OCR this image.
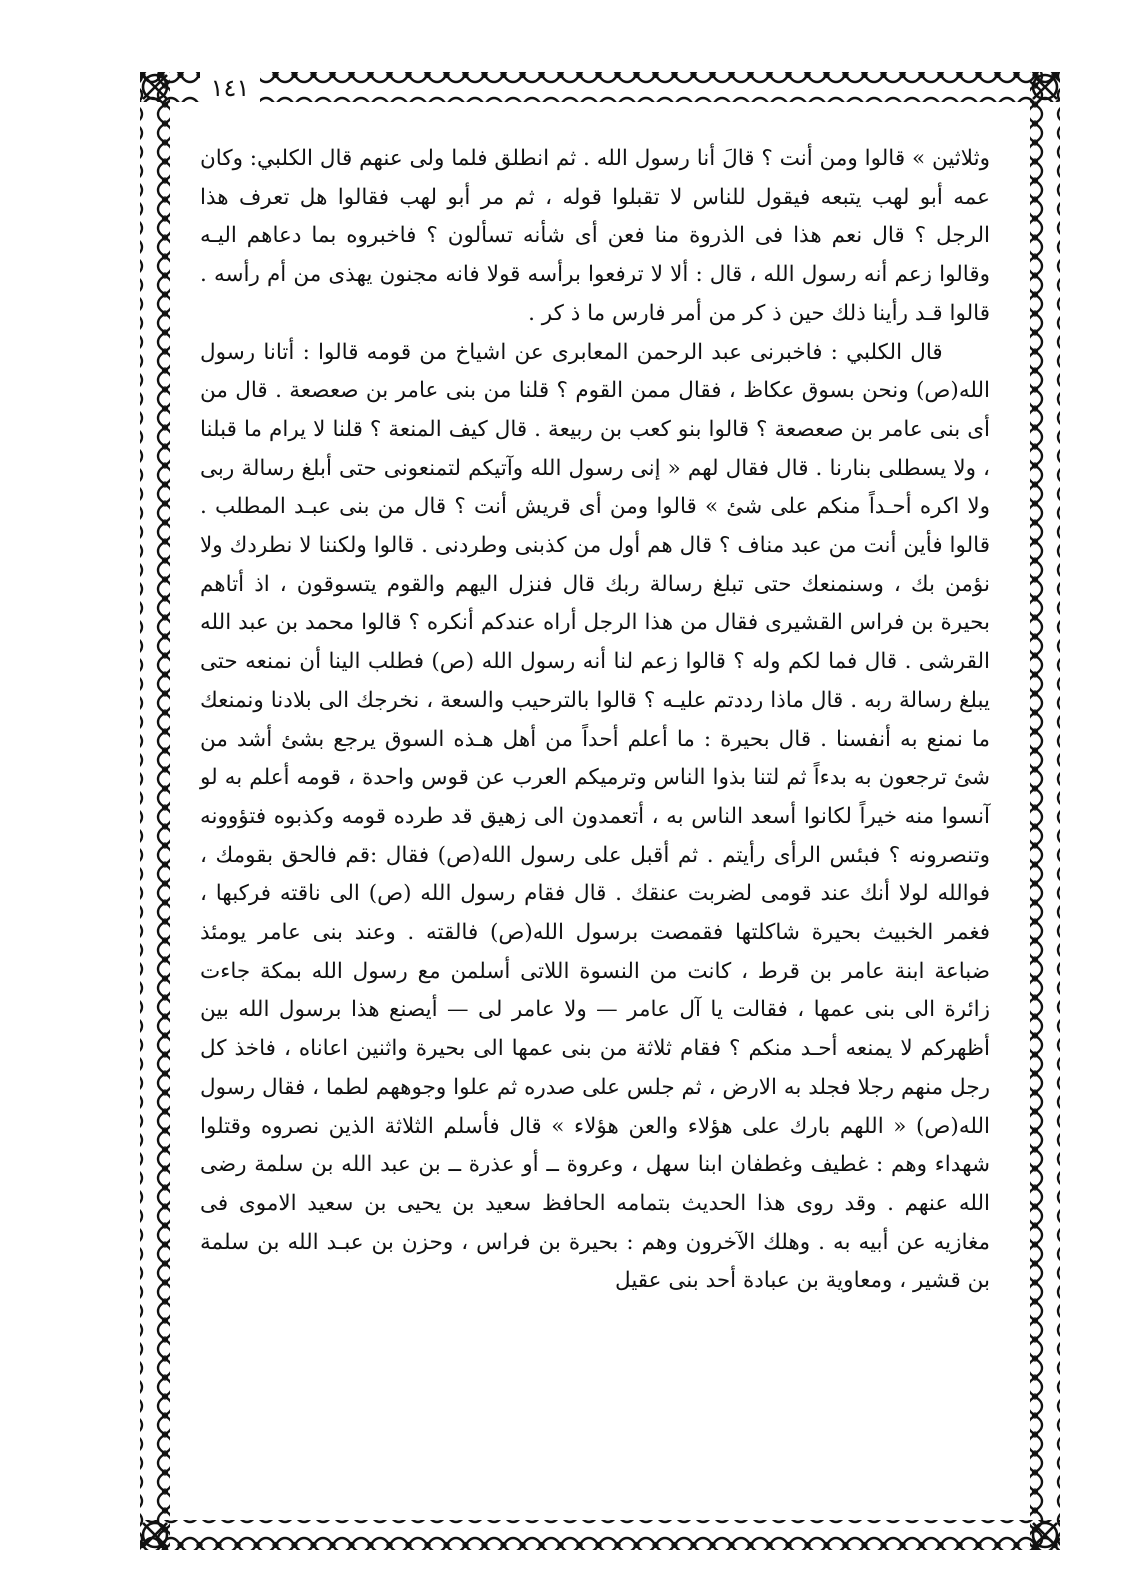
١٤١

وثلاثين » قالوا ومن أنت ؟ قالَ أنا رسول الله . ثم انطلق فلما ولى عنهم قال الكلبي: وكان عمه أبو لهب يتبعه فيقول للناس لا تقبلوا قوله ، ثم مر أبو لهب فقالوا هل تعرف هذا الرجل ؟ قال نعم هذا فى الذروة منا فعن أى شأنه تسألون ؟ فاخبروه بما دعاهم اليـه وقالوا زعم أنه رسول الله ، قال : ألا لا ترفعوا برأسه قولا فانه مجنون يهذى من أم رأسه . قالوا قـد رأينا ذلك حين ذ كر من أمر فارس ما ذ كر .

قال الكلبي : فاخبرنى عبد الرحمن المعابرى عن اشياخ من قومه قالوا : أتانا رسول الله(ص) ونحن بسوق عكاظ ، فقال ممن القوم ؟ قلنا من بنى عامر بن صعصعة . قال من أى بنى عامر بن صعصعة ؟ قالوا بنو كعب بن ربيعة . قال كيف المنعة ؟ قلنا لا يرام ما قبلنا ، ولا يسطلى بنارنا . قال فقال لهم « إنى رسول الله وآتيكم لتمنعونى حتى أبلغ رسالة ربى ولا اكره أحـداً منكم على شئ » قالوا ومن أى قريش أنت ؟ قال من بنى عبـد المطلب . قالوا فأين أنت من عبد مناف ؟ قال هم أول من كذبنى وطردنى . قالوا ولكننا لا نطردك ولا نؤمن بك ، وسنمنعك حتى تبلغ رسالة ربك قال فنزل اليهم والقوم يتسوقون ، اذ أتاهم بحيرة بن فراس القشيرى فقال من هذا الرجل أراه عندكم أنكره ؟ قالوا محمد بن عبد الله القرشى . قال فما لكم وله ؟ قالوا زعم لنا أنه رسول الله (ص) فطلب الينا أن نمنعه حتى يبلغ رسالة ربه . قال ماذا رددتم عليـه ؟ قالوا بالترحيب والسعة ، نخرجك الى بلادنا ونمنعك ما نمنع به أنفسنا . قال بحيرة : ما أعلم أحداً من أهل هـذه السوق يرجع بشئ أشد من شئ ترجعون به بدءاً ثم لتنا بذوا الناس وترميكم العرب عن قوس واحدة ، قومه أعلم به لو آنسوا منه خيراً لكانوا أسعد الناس به ، أتعمدون الى زهيق قد طرده قومه وكذبوه فتؤوونه وتنصرونه ؟ فبئس الرأى رأيتم . ثم أقبل على رسول الله(ص) فقال :قم فالحق بقومك ، فوالله لولا أنك عند قومى لضربت عنقك . قال فقام رسول الله (ص) الى ناقته فركبها ، فغمر الخبيث بحيرة شاكلتها فقمصت برسول الله(ص) فالقته . وعند بنى عامر يومئذ ضباعة ابنة عامر بن قرط ، كانت من النسوة اللاتى أسلمن مع رسول الله بمكة جاءت زائرة الى بنى عمها ، فقالت يا آل عامر — ولا عامر لى — أيصنع هذا برسول الله بين أظهركم لا يمنعه أحـد منكم ؟ فقام ثلاثة من بنى عمها الى بحيرة واثنين اعاناه ، فاخذ كل رجل منهم رجلا فجلد به الارض ، ثم جلس على صدره ثم علوا وجوههم لطما ، فقال رسول الله(ص) « اللهم بارك على هؤلاء والعن هؤلاء » قال فأسلم الثلاثة الذين نصروه وقتلوا شهداء وهم : غطيف وغطفان ابنا سهل ، وعروة ــ أو عذرة ــ بن عبد الله بن سلمة رضى الله عنهم . وقد روى هذا الحديث بتمامه الحافظ سعيد بن يحيى بن سعيد الاموى فى مغازيه عن أبيه به . وهلك الآخرون وهم : بحيرة بن فراس ، وحزن بن عبـد الله بن سلمة بن قشير ، ومعاوية بن عبادة أحد بنى عقيل
